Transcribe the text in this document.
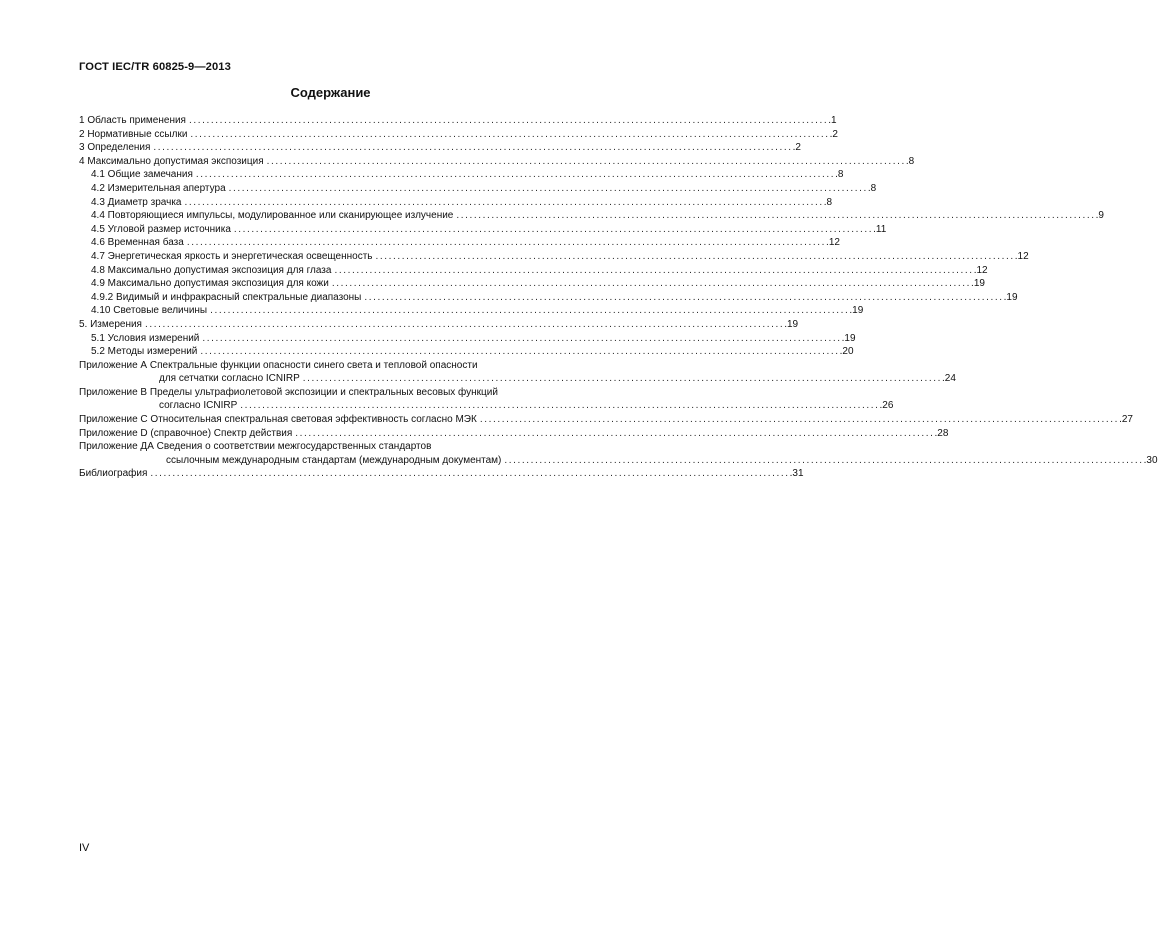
ГОСТ IEC/TR 60825-9—2013
Содержание
1 Область применения .................................................................................................................................................. .1
2 Нормативные ссылки .................................................................................................................................................. .2
3 Определения .................................................................................................................................................. .2
4 Максимально допустимая экспозиция .................................................................................................................................................. .8
4.1 Общие замечания .................................................................................................................................................. .8
4.2 Измерительная апертура .................................................................................................................................................. .8
4.3 Диаметр зрачка .................................................................................................................................................. .8
4.4 Повторяющиеся импульсы, модулированное или сканирующее излучение .................................................................................................................................................. .9
4.5 Угловой размер источника .................................................................................................................................................. .11
4.6 Временная база .................................................................................................................................................. .12
4.7 Энергетическая яркость и энергетическая освещенность .................................................................................................................................................. .12
4.8 Максимально допустимая экспозиция для глаза .................................................................................................................................................. .12
4.9 Максимально допустимая экспозиция для кожи .................................................................................................................................................. .19
4.9.2 Видимый и инфракрасный спектральные диапазоны .................................................................................................................................................. .19
4.10 Световые величины .................................................................................................................................................. .19
5. Измерения .................................................................................................................................................. .19
5.1 Условия измерений .................................................................................................................................................. .19
5.2 Методы измерений .................................................................................................................................................. .20
Приложение А Спектральные функции опасности синего света и тепловой опасности
для сетчатки согласно ICNIRP .................................................................................................................................................. .24
Приложение В Пределы ультрафиолетовой экспозиции и спектральных весовых функций
согласно ICNIRP .................................................................................................................................................. .26
Приложение С Относительная спектральная световая эффективность согласно МЭК .................................................................................................................................................. .27
Приложение D (справочное) Спектр действия .................................................................................................................................................. .28
Приложение ДА Сведения о соответствии межгосударственных стандартов
ссылочным международным стандартам (международным документам) .................................................................................................................................................. .30
Библиография .................................................................................................................................................. .31
IV
